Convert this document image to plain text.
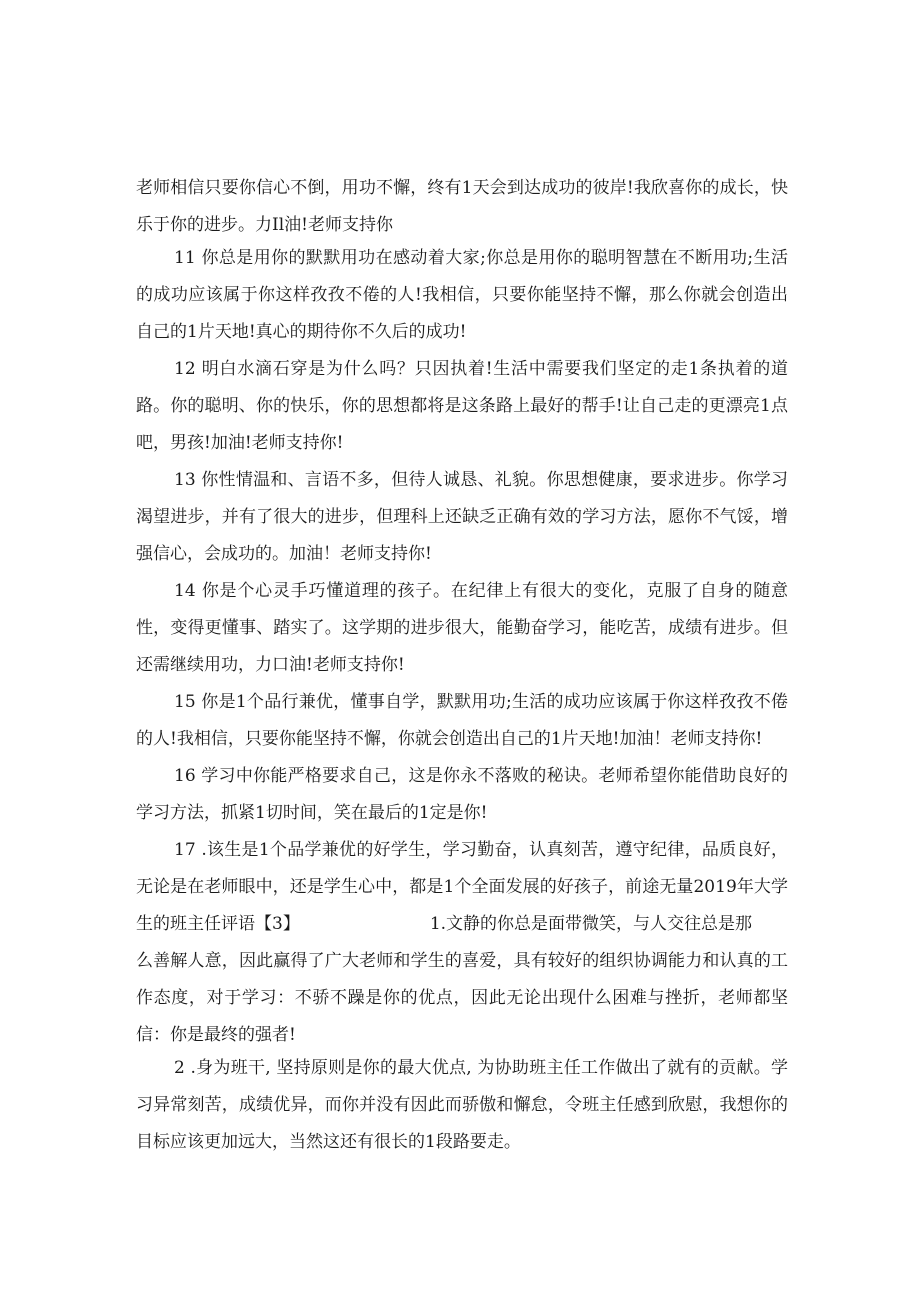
老师相信只要你信心不倒，用功不懈，终有1天会到达成功的彼岸!我欣喜你的成长，快乐于你的进步。力Il油!老师支持你

11 你总是用你的默默用功在感动着大家;你总是用你的聪明智慧在不断用功;生活的成功应该属于你这样孜孜不倦的人!我相信，只要你能坚持不懈，那么你就会创造出自己的1片天地!真心的期待你不久后的成功!

12 明白水滴石穿是为什么吗？只因执着!生活中需要我们坚定的走1条执着的道路。你的聪明、你的快乐，你的思想都将是这条路上最好的帮手!让自己走的更漂亮1点吧，男孩!加油!老师支持你!

13 你性情温和、言语不多，但待人诚恳、礼貌。你思想健康，要求进步。你学习渴望进步，并有了很大的进步，但理科上还缺乏正确有效的学习方法，愿你不气馁，增强信心，会成功的。加油！老师支持你!

14 你是个心灵手巧懂道理的孩子。在纪律上有很大的变化，克服了自身的随意性，变得更懂事、踏实了。这学期的进步很大，能勤奋学习，能吃苦，成绩有进步。但还需继续用功，力口油!老师支持你!

15 你是1个品行兼优，懂事自学，默默用功;生活的成功应该属于你这样孜孜不倦的人!我相信，只要你能坚持不懈，你就会创造出自己的1片天地!加油！老师支持你!

16 学习中你能严格要求自己，这是你永不落败的秘诀。老师希望你能借助良好的学习方法，抓紧1切时间，笑在最后的1定是你!

17 .该生是1个品学兼优的好学生，学习勤奋，认真刻苦，遵守纪律，品质良好，无论是在老师眼中，还是学生心中，都是1个全面发展的好孩子，前途无量2019年大学生的班主任评语【3】	1.文静的你总是面带微笑，与人交往总是那

么善解人意，因此赢得了广大老师和学生的喜爱，具有较好的组织协调能力和认真的工作态度，对于学习：不骄不躁是你的优点，因此无论出现什么困难与挫折，老师都坚信：你是最终的强者!

2 .身为班干, 坚持原则是你的最大优点, 为协助班主任工作做出了就有的贡献。学习异常刻苦，成绩优异，而你并没有因此而骄傲和懈怠，令班主任感到欣慰，我想你的目标应该更加远大，当然这还有很长的1段路要走。
